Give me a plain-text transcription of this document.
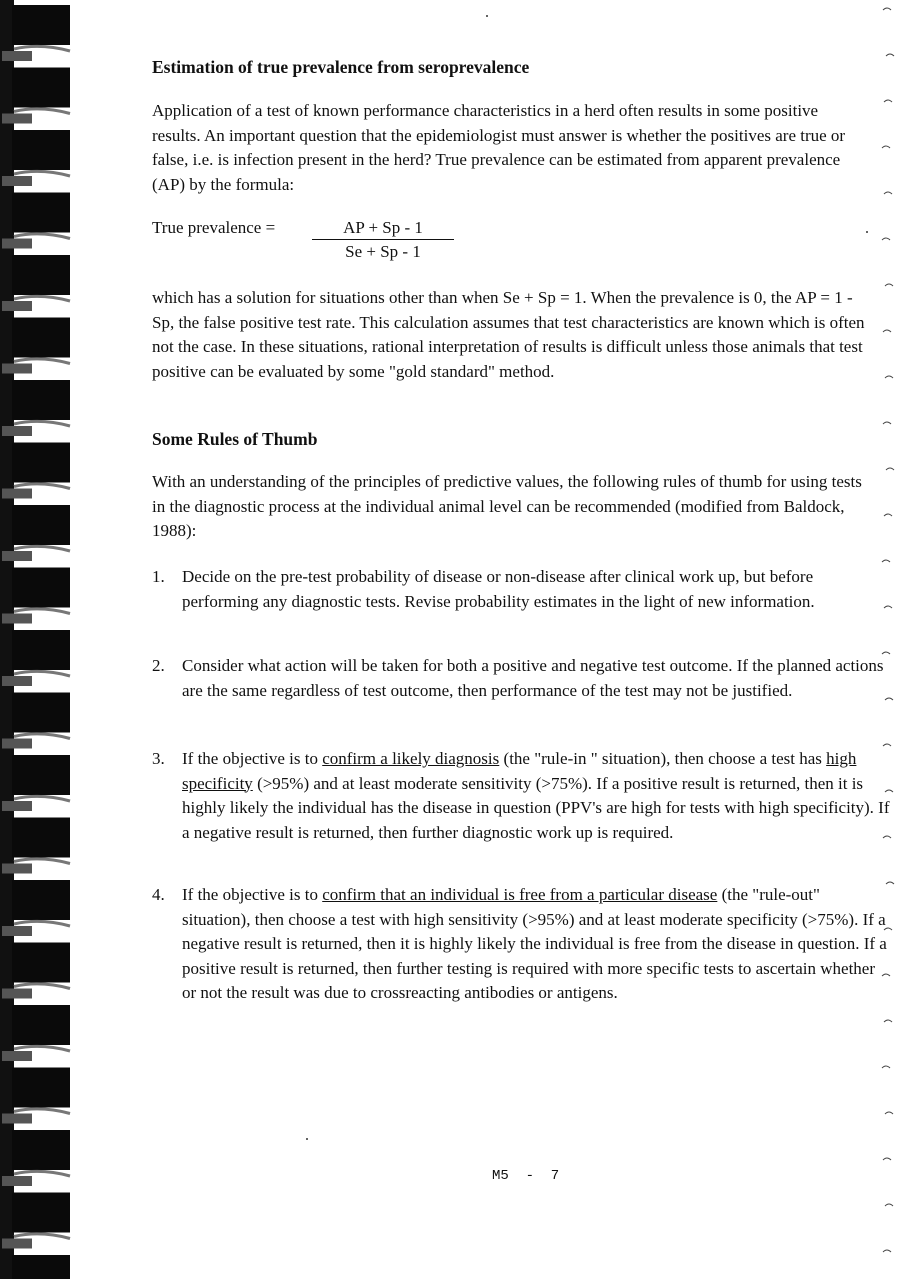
Estimation of true prevalence from seroprevalence
Application of a test of known performance characteristics in a herd often results in some positive results. An important question that the epidemiologist must answer is whether the positives are true or false, i.e. is infection present in the herd? True prevalence can be estimated from apparent prevalence (AP) by the formula:
True prevalence =	AP + Sp - 1
Se + Sp - 1
which has a solution for situations other than when Se + Sp = 1. When the prevalence is 0, the AP = 1 - Sp, the false positive test rate. This calculation assumes that test characteristics are known which is often not the case. In these situations, rational interpretation of results is difficult unless those animals that test positive can be evaluated by some "gold standard" method.
Some Rules of Thumb
With an understanding of the principles of predictive values, the following rules of thumb for using tests in the diagnostic process at the individual animal level can be recommended (modified from Baldock, 1988):
1. Decide on the pre-test probability of disease or non-disease after clinical work up, but before performing any diagnostic tests. Revise probability estimates in the light of new information.
2. Consider what action will be taken for both a positive and negative test outcome. If the planned actions are the same regardless of test outcome, then performance of the test may not be justified.
3. If the objective is to confirm a likely diagnosis (the "rule-in " situation), then choose a test has high specificity (>95%) and at least moderate sensitivity (>75%). If a positive result is returned, then it is highly likely the individual has the disease in question (PPV's are high for tests with high specificity). If a negative result is returned, then further diagnostic work up is required.
4. If the objective is to confirm that an individual is free from a particular disease (the "rule-out" situation), then choose a test with high sensitivity (>95%) and at least moderate specificity (>75%). If a negative result is returned, then it is highly likely the individual is free from the disease in question. If a positive result is returned, then further testing is required with more specific tests to ascertain whether or not the result was due to crossreacting antibodies or antigens.
M5  -  7
